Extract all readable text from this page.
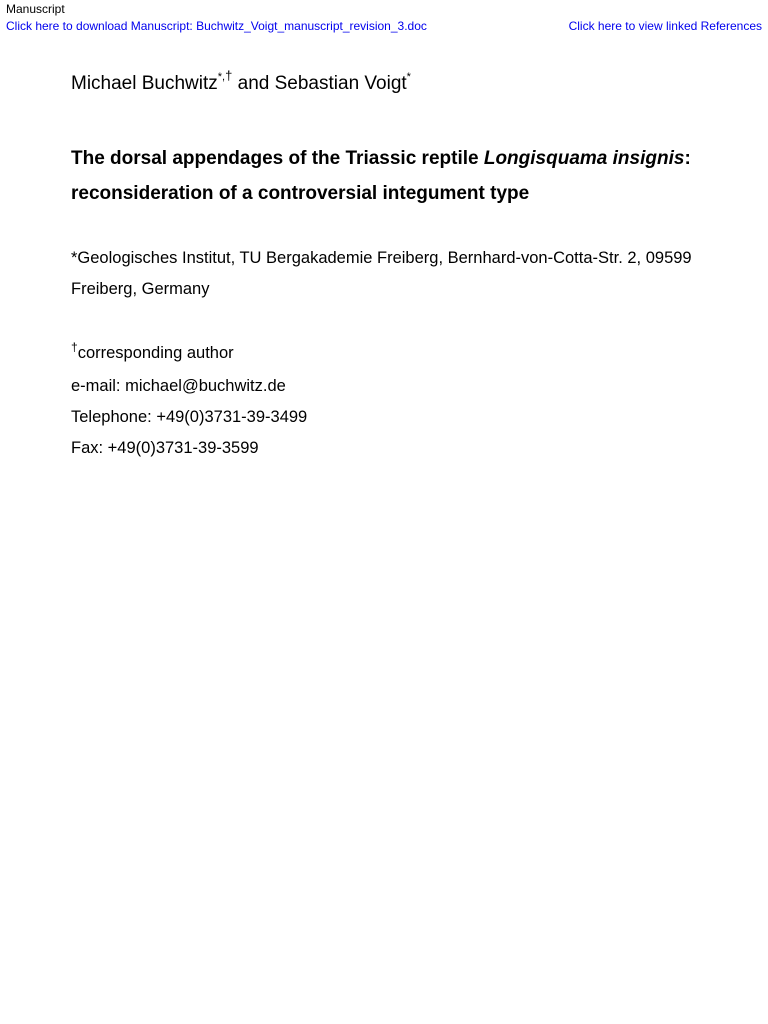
Manuscript
Click here to download Manuscript: Buchwitz_Voigt_manuscript_revision_3.doc	Click here to view linked References
Michael Buchwitz*,† and Sebastian Voigt*
The dorsal appendages of the Triassic reptile Longisquama insignis: reconsideration of a controversial integument type
*Geologisches Institut, TU Bergakademie Freiberg, Bernhard-von-Cotta-Str. 2, 09599 Freiberg, Germany
†corresponding author
e-mail: michael@buchwitz.de
Telephone: +49(0)3731-39-3499
Fax: +49(0)3731-39-3599
